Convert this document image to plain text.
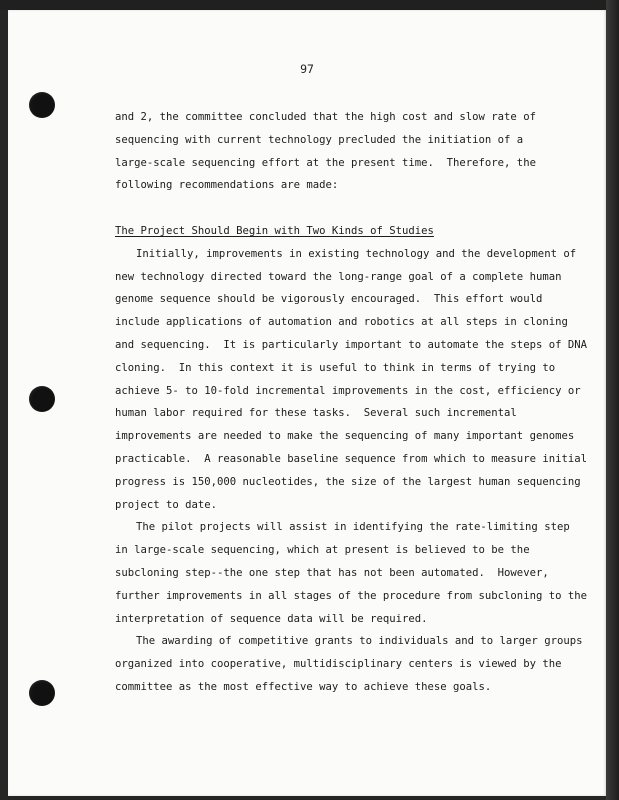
97
and 2, the committee concluded that the high cost and slow rate of
sequencing with current technology precluded the initiation of a
large-scale sequencing effort at the present time.  Therefore, the
following recommendations are made:
The Project Should Begin with Two Kinds of Studies
Initially, improvements in existing technology and the development of
new technology directed toward the long-range goal of a complete human
genome sequence should be vigorously encouraged.  This effort would
include applications of automation and robotics at all steps in cloning
and sequencing.  It is particularly important to automate the steps of DNA
cloning.  In this context it is useful to think in terms of trying to
achieve 5- to 10-fold incremental improvements in the cost, efficiency or
human labor required for these tasks.  Several such incremental
improvements are needed to make the sequencing of many important genomes
practicable.  A reasonable baseline sequence from which to measure initial
progress is 150,000 nucleotides, the size of the largest human sequencing
project to date.
The pilot projects will assist in identifying the rate-limiting step
in large-scale sequencing, which at present is believed to be the
subcloning step--the one step that has not been automated.  However,
further improvements in all stages of the procedure from subcloning to the
interpretation of sequence data will be required.
The awarding of competitive grants to individuals and to larger groups
organized into cooperative, multidisciplinary centers is viewed by the
committee as the most effective way to achieve these goals.
